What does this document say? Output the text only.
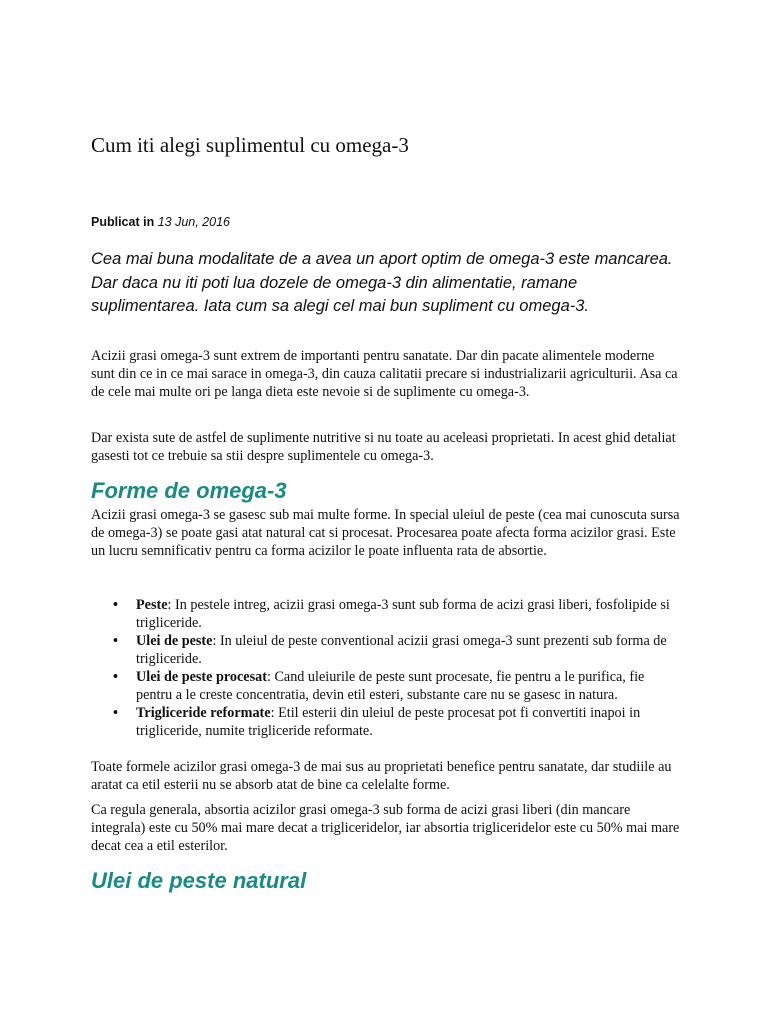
Cum iti alegi suplimentul cu omega-3
Publicat in 13 Jun, 2016

Cea mai buna modalitate de a avea un aport optim de omega-3 este mancarea. Dar daca nu iti poti lua dozele de omega-3 din alimentatie, ramane suplimentarea. Iata cum sa alegi cel mai bun supliment cu omega-3.

Acizii grasi omega-3 sunt extrem de importanti pentru sanatate. Dar din pacate alimentele moderne sunt din ce in ce mai sarace in omega-3, din cauza calitatii precare si industrializarii agriculturii. Asa ca de cele mai multe ori pe langa dieta este nevoie si de suplimente cu omega-3.

Dar exista sute de astfel de suplimente nutritive si nu toate au aceleasi proprietati. In acest ghid detaliat gasesti tot ce trebuie sa stii despre suplimentele cu omega-3.

Forme de omega-3

Acizii grasi omega-3 se gasesc sub mai multe forme. In special uleiul de peste (cea mai cunoscuta sursa de omega-3) se poate gasi atat natural cat si procesat. Procesarea poate afecta forma acizilor grasi. Este un lucru semnificativ pentru ca forma acizilor le poate influenta rata de absortie.

• Peste: In pestele intreg, acizii grasi omega-3 sunt sub forma de acizi grasi liberi, fosfolipide si trigliceride.
• Ulei de peste: In uleiul de peste conventional acizii grasi omega-3 sunt prezenti sub forma de trigliceride.
• Ulei de peste procesat: Cand uleiurile de peste sunt procesate, fie pentru a le purifica, fie pentru a le creste concentratia, devin etil esteri, substante care nu se gasesc in natura.
• Trigliceride reformate: Etil esterii din uleiul de peste procesat pot fi convertiti inapoi in trigliceride, numite trigliceride reformate.

Toate formele acizilor grasi omega-3 de mai sus au proprietati benefice pentru sanatate, dar studiile au aratat ca etil esterii nu se absorb atat de bine ca celelalte forme.

Ca regula generala, absortia acizilor grasi omega-3 sub forma de acizi grasi liberi (din mancare integrala) este cu 50% mai mare decat a trigliceridelor, iar absortia trigliceridelor este cu 50% mai mare decat cea a etil esterilor.

Ulei de peste natural
